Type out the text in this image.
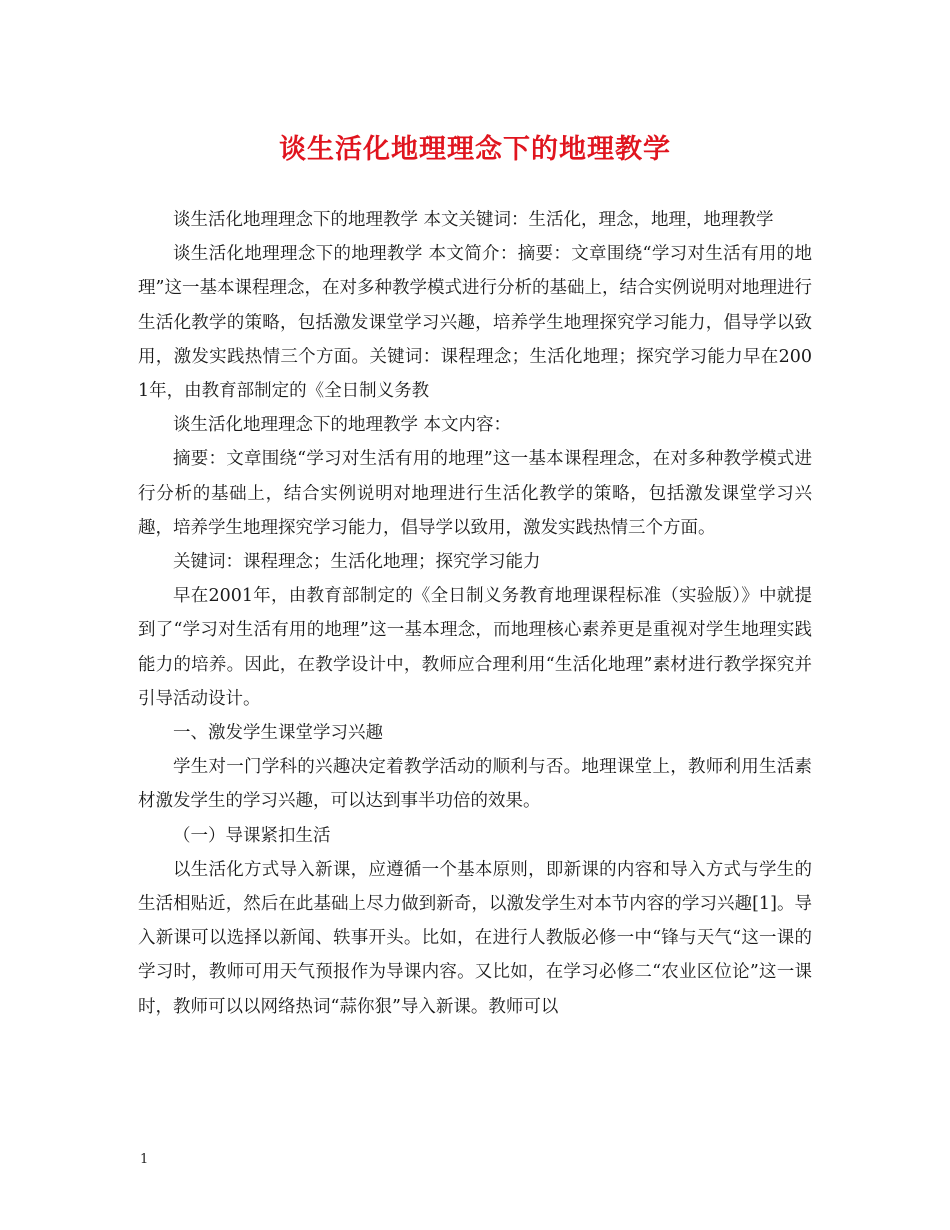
谈生活化地理理念下的地理教学

谈生活化地理理念下的地理教学 本文关键词：生活化，理念，地理，地理教学

谈生活化地理理念下的地理教学 本文简介：摘要：文章围绕“学习对生活有用的地理”这一基本课程理念，在对多种教学模式进行分析的基础上，结合实例说明对地理进行生活化教学的策略，包括激发课堂学习兴趣，培养学生地理探究学习能力，倡导学以致用，激发实践热情三个方面。关键词：课程理念；生活化地理；探究学习能力早在2001年，由教育部制定的《全日制义务教

谈生活化地理理念下的地理教学 本文内容：

摘要：文章围绕“学习对生活有用的地理”这一基本课程理念，在对多种教学模式进行分析的基础上，结合实例说明对地理进行生活化教学的策略，包括激发课堂学习兴趣，培养学生地理探究学习能力，倡导学以致用，激发实践热情三个方面。

关键词：课程理念；生活化地理；探究学习能力

早在2001年，由教育部制定的《全日制义务教育地理课程标准（实验版）》中就提到了“学习对生活有用的地理”这一基本理念，而地理核心素养更是重视对学生地理实践能力的培养。因此，在教学设计中，教师应合理利用“生活化地理”素材进行教学探究并引导活动设计。

一、激发学生课堂学习兴趣

学生对一门学科的兴趣决定着教学活动的顺利与否。地理课堂上，教师利用生活素材激发学生的学习兴趣，可以达到事半功倍的效果。

（一）导课紧扣生活

以生活化方式导入新课，应遵循一个基本原则，即新课的内容和导入方式与学生的生活相贴近，然后在此基础上尽力做到新奇，以激发学生对本节内容的学习兴趣[1]。导入新课可以选择以新闻、轶事开头。比如，在进行人教版必修一中“锋与天气“这一课的学习时，教师可用天气预报作为导课内容。又比如，在学习必修二“农业区位论”这一课时，教师可以以网络热词“蒜你狠”导入新课。教师可以

1
